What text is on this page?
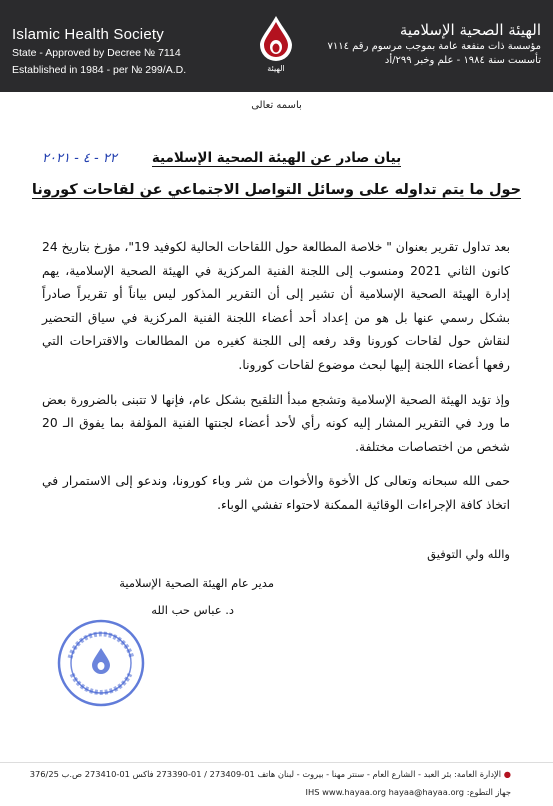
Islamic Health Society
State - Approved by Decree № 7114
Established in 1984 - per № 299/A.D.	الهيئة
الهيئة الصحية الإسلامية
مؤسسة ذات منفعة عامة بموجب مرسوم رقم ٧١١٤
تأسست سنة ١٩٨٤ - علم وخبر ٢٩٩/أد
باسمه تعالى
٢٢ - ٤ - ٢٠٢١	بيان صادر عن الهيئة الصحية الإسلامية
حول ما يتم تداوله على وسائل التواصل الاجتماعي عن لقاحات كورونا

بعد تداول تقرير بعنوان " خلاصة المطالعة حول اللقاحات الحالية لكوفيد 19"، مؤرخ بتاريخ 24 كانون الثاني 2021 ومنسوب إلى اللجنة الفنية المركزية في الهيئة الصحية الإسلامية، يهم إدارة الهيئة الصحية الإسلامية أن تشير إلى أن التقرير المذكور ليس بياناً أو تقريراً صادراً بشكل رسمي عنها بل هو من إعداد أحد أعضاء اللجنة الفنية المركزية في سياق التحضير لنقاش حول لقاحات كورونا وقد رفعه إلى اللجنة كغيره من المطالعات والاقتراحات التي رفعها أعضاء اللجنة إليها لبحث موضوع لقاحات كورونا.

وإذ تؤيد الهيئة الصحية الإسلامية وتشجع مبدأ التلقيح بشكل عام، فإنها لا تتبنى بالضرورة بعض ما ورد في التقرير المشار إليه كونه رأي لأحد أعضاء لجنتها الفنية المؤلفة بما يفوق الـ 20 شخص من اختصاصات مختلفة.

حمى الله سبحانه وتعالى كل الأخوة والأخوات من شر وباء كورونا، وندعو إلى الاستمرار في اتخاذ كافة الإجراءات الوقائية الممكنة لاحتواء تفشي الوباء.

والله ولي التوفيق
مدير عام الهيئة الصحية الإسلامية
د. عباس حب الله
● الإدارة العامة: بئر العبد - الشارع العام - سنتر مهنا - بيروت - لبنان هاتف 01-273409 / 01-273390 فاكس 01-273410 ص.ب 376/25
جهاز التطوع: IHS www.hayaa.org hayaa@hayaa.org
